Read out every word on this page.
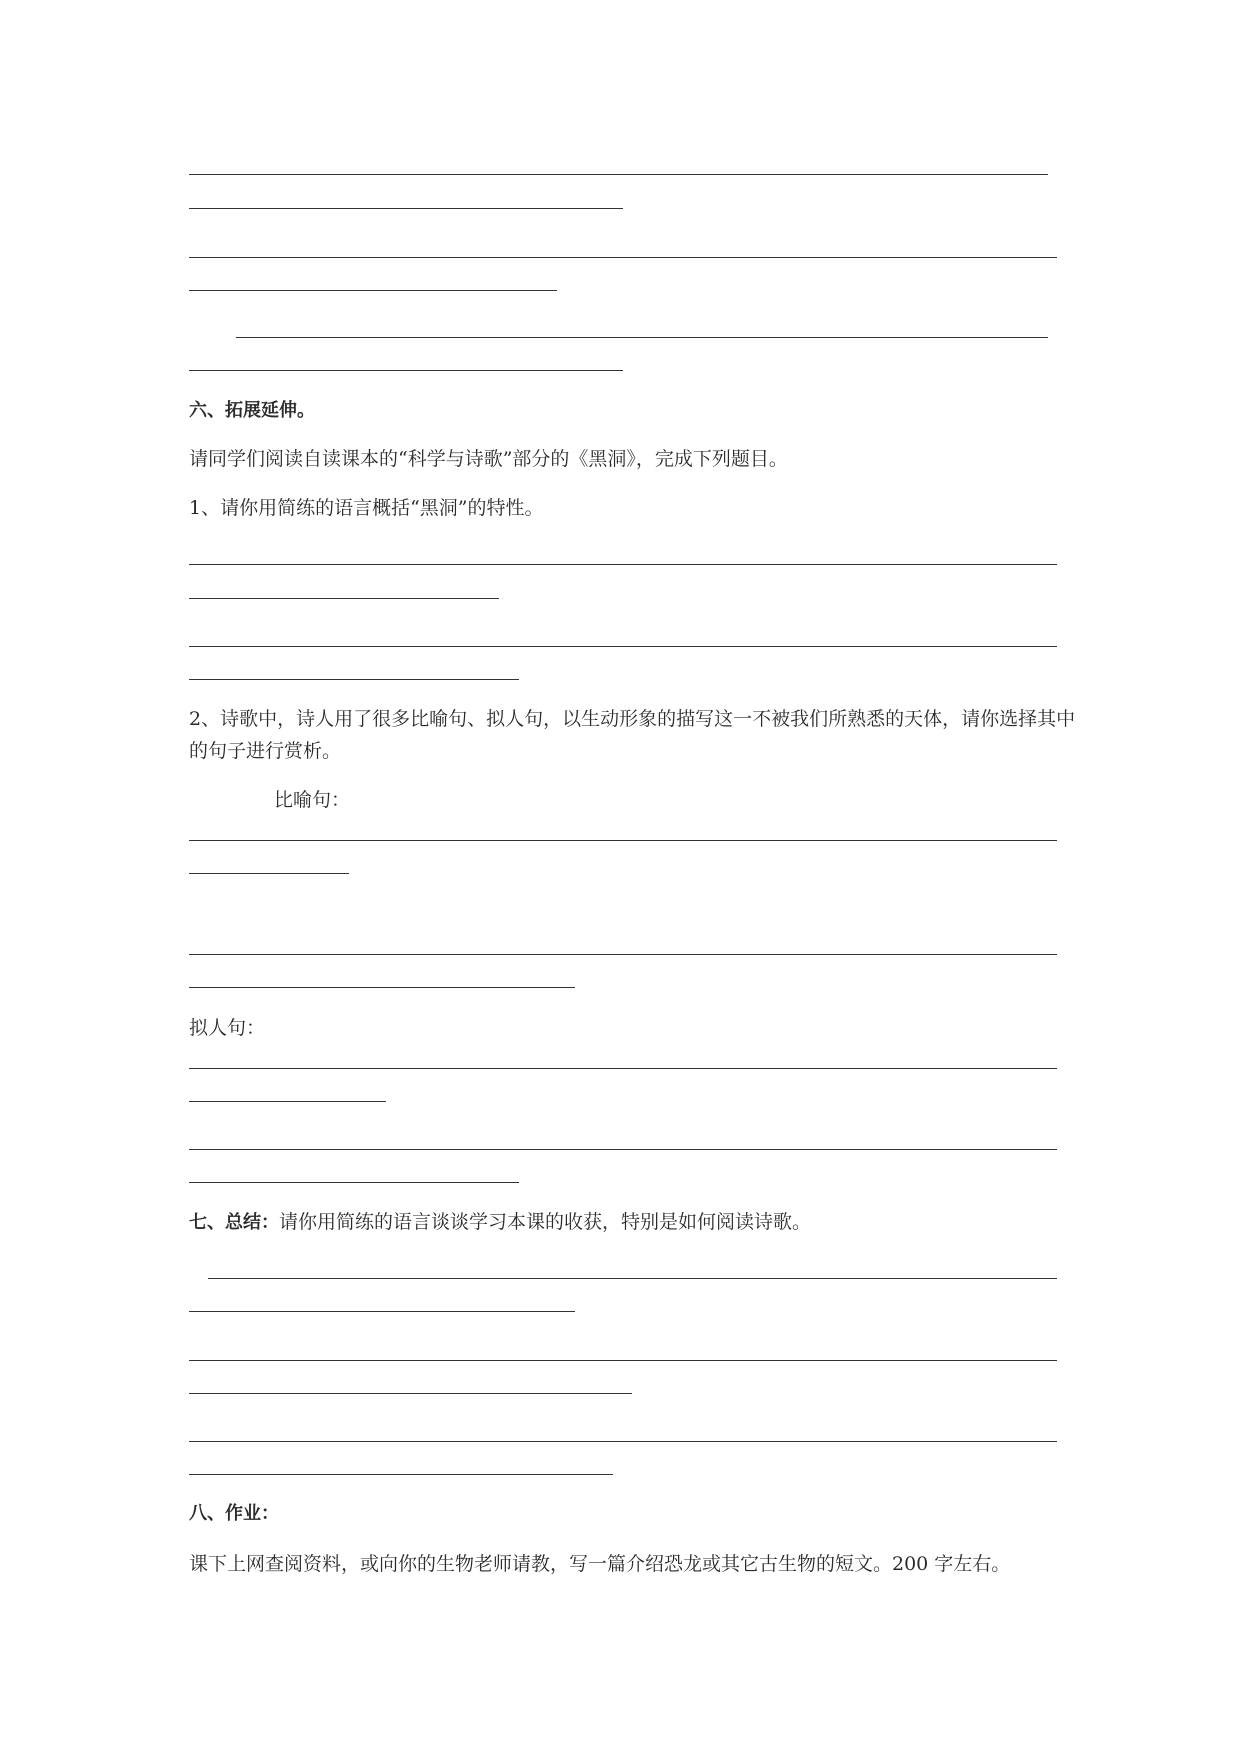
六、拓展延伸。
请同学们阅读自读课本的“科学与诗歌”部分的《黑洞》，完成下列题目。
1、请你用简练的语言概括“黑洞”的特性。
2、诗歌中，诗人用了很多比喻句、拟人句，以生动形象的描写这一不被我们所熟悉的天体，请你选择其中
的句子进行赏析。
比喻句：
拟人句：
七、总结：请你用简练的语言谈谈学习本课的收获，特别是如何阅读诗歌。
八、作业：
课下上网查阅资料，或向你的生物老师请教，写一篇介绍恐龙或其它古生物的短文。200 字左右。
